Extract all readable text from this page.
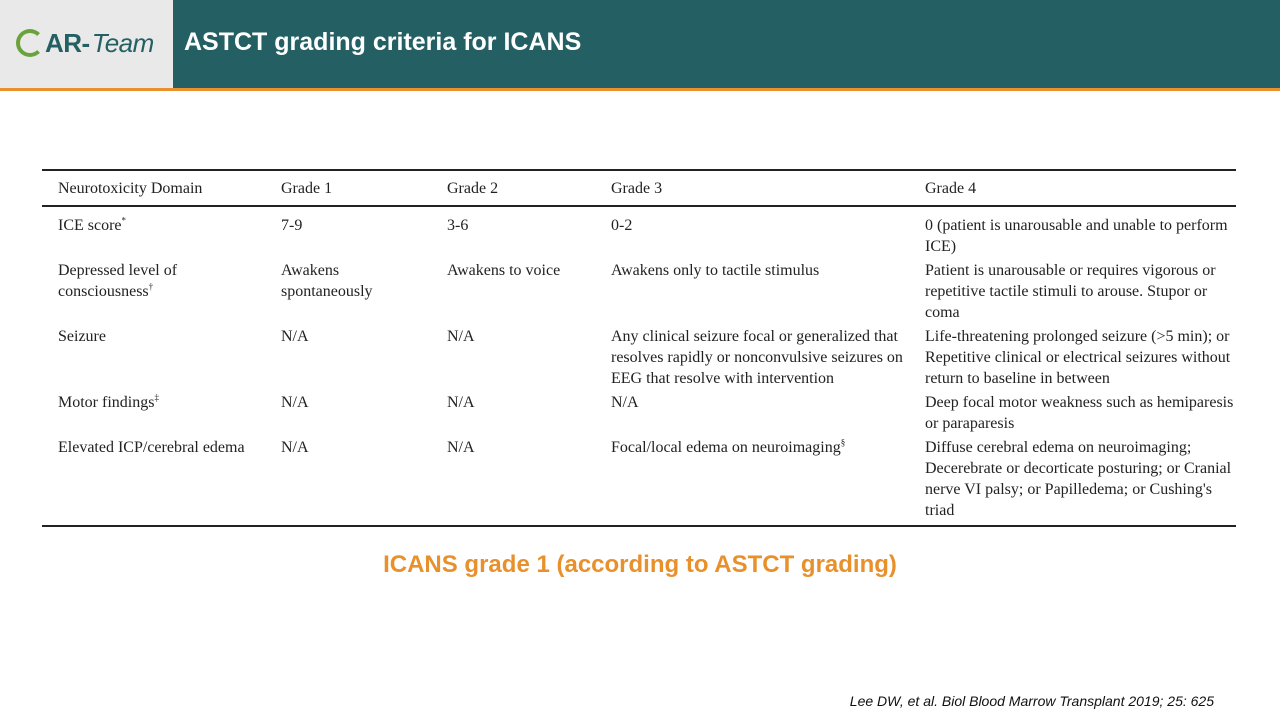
AR- Team ASTCT grading criteria for ICANS
Neurotoxicity Domain	Grade 1	Grade 2	Grade 3	Grade 4
ICE score*	7-9	3-6	0-2	0 (patient is unarousable and unable to perform ICE)
Depressed level of consciousness†	Awakens spontaneously	Awakens to voice	Awakens only to tactile stimulus	Patient is unarousable or requires vigorous or repetitive tactile stimuli to arouse. Stupor or coma
Seizure	N/A	N/A	Any clinical seizure focal or generalized that resolves rapidly or nonconvulsive seizures on EEG that resolve with intervention	Life-threatening prolonged seizure (>5 min); or Repetitive clinical or electrical seizures without return to baseline in between
Motor findings‡	N/A	N/A	N/A	Deep focal motor weakness such as hemiparesis or paraparesis
Elevated ICP/cerebral edema	N/A	N/A	Focal/local edema on neuroimaging§	Diffuse cerebral edema on neuroimaging; Decerebrate or decorticate posturing; or Cranial nerve VI palsy; or Papilledema; or Cushing's triad
ICANS grade 1 (according to ASTCT grading)
Lee DW, et al. Biol Blood Marrow Transplant 2019; 25: 625
